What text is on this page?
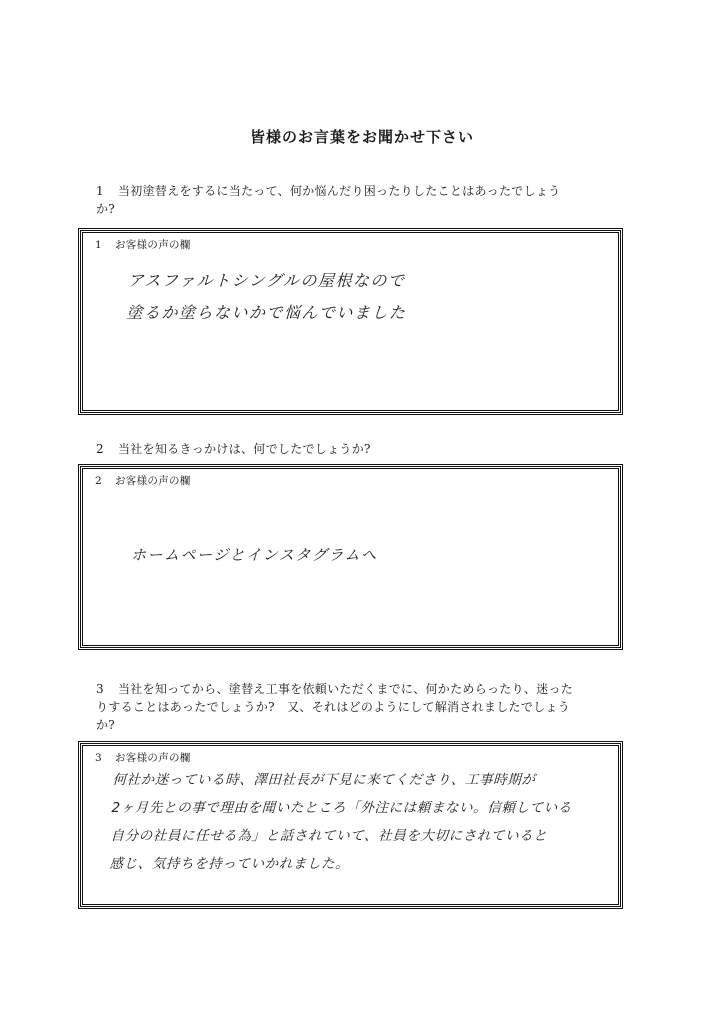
皆様のお言葉をお聞かせ下さい
1 当初塗替えをするに当たって、何か悩んだり困ったりしたことはあったでしょう
か?
1 お客様の声の欄
アスファルトシングルの屋根なので
塗るか塗らないかで悩んでいました
2 当社を知るきっかけは、何でしたでしょうか?
2 お客様の声の欄
ホームページとインスタグラムへ
3 当社を知ってから、塗替え工事を依頼いただくまでに、何かためらったり、迷った
りすることはあったでしょうか?　又、それはどのようにして解消されましたでしょう
か?
3 お客様の声の欄
何社か迷っている時、澤田社長が下見に来てくださり、工事時期が
2ヶ月先との事で理由を聞いたところ「外注には頼まない。信頼している
自分の社員に任せる為」と話されていて、社員を大切にされていると
感じ、気持ちを持っていかれました。
